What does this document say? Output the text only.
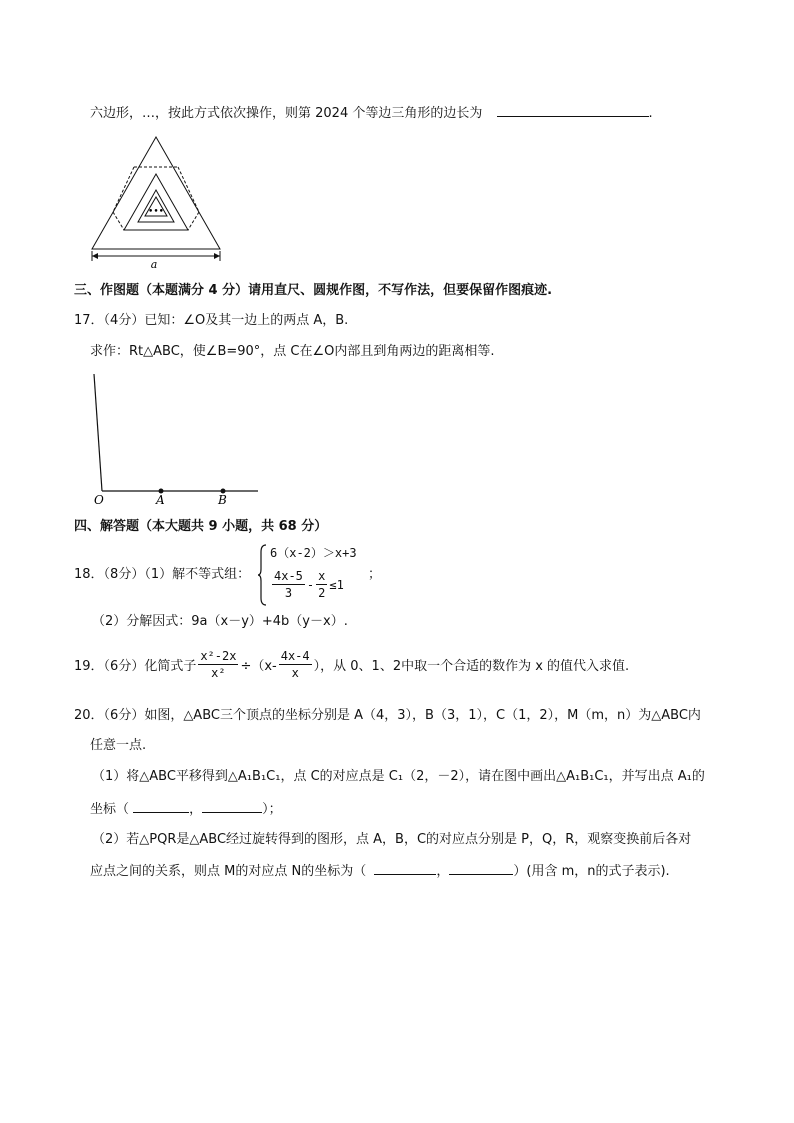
六边形，…，按此方式依次操作，则第 2024 个等边三角形的边长为	.
•••
a
三、作图题（本题满分 4 分）请用直尺、圆规作图，不写作法，但要保留作图痕迹.
17．（4分）已知：∠O及其一边上的两点 A，B.
求作：Rt△ABC，使∠B=90°，点 C在∠O内部且到角两边的距离相等.
O	A	B
四、解答题（本大题共 9 小题，共 68 分）
18．（8分）（1）解不等式组：
6（x-2）＞x+3
$\frac{4x-5}{3} - \frac{x}{2} \le 1$
；
（2）分解因式：9a（x－y）+4b（y－x）.
19．（6分）化简式子 $\frac{\text{x²-2x}}{\text{x²}} \div(x- \frac{4x-4}{x}$ ），从 0、1、2中取一个合适的数作为 x 的值代入求值.
20．（6分）如图，△ABC三个顶点的坐标分别是 A（4，3），B（3，1），C（1，2），M（m，n）为△ABC内
任意一点.
（1）将△ABC平移得到△A₁B₁C₁，点 C的对应点是 C₁（2，－2），请在图中画出△A₁B₁C₁，并写出点 A₁的
坐标（	，	）；
（2）若△PQR是△ABC经过旋转得到的图形，点 A，B，C的对应点分别是 P，Q，R，观察变换前后各对
应点之间的关系，则点 M的对应点 N的坐标为（	，	）(用含 m，n的式子表示).
